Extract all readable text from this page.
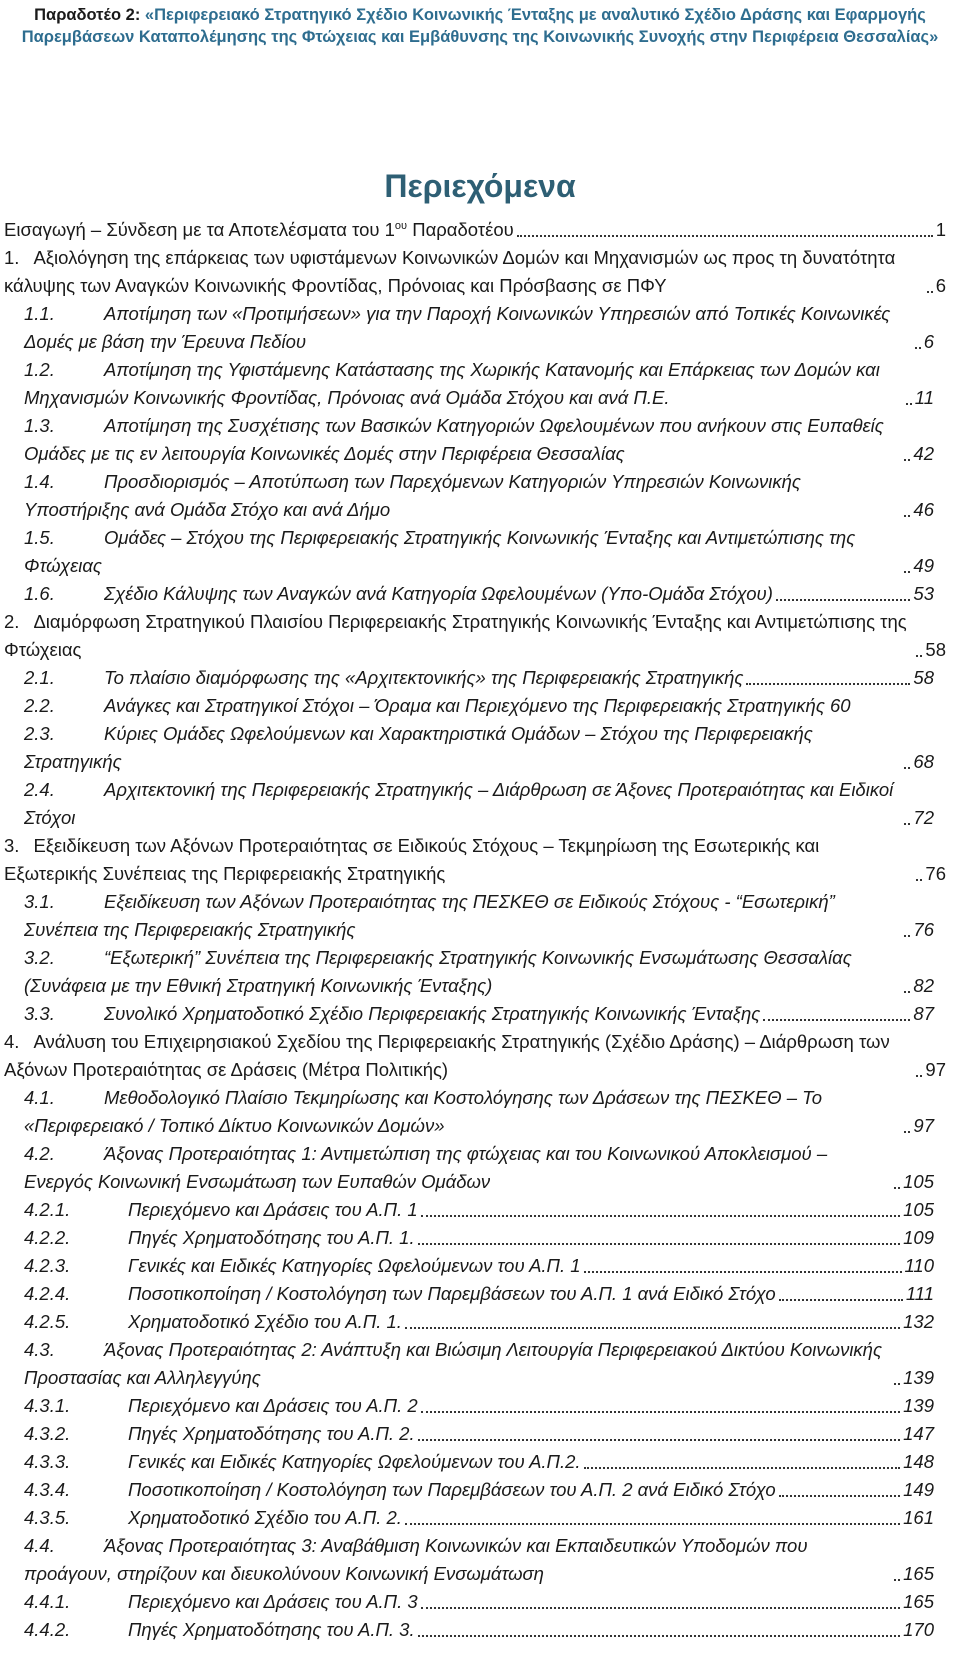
Παραδοτέο 2: «Περιφερειακό Στρατηγικό Σχέδιο Κοινωνικής Ένταξης με αναλυτικό Σχέδιο Δράσης και Εφαρμογής Παρεμβάσεων Καταπολέμησης της Φτώχειας και Εμβάθυνσης της Κοινωνικής Συνοχής στην Περιφέρεια Θεσσαλίας»
Περιεχόμενα
Εισαγωγή – Σύνδεση με τα Αποτελέσματα του $1^{o\upsilon}$ Παραδοτέου	1
1. Αξιολόγηση της επάρκειας των υφιστάμενων Κοινωνικών Δομών και Μηχανισμών ως προς τη δυνατότητα κάλυψης των Αναγκών Κοινωνικής Φροντίδας, Πρόνοιας και Πρόσβασης σε ΠΦΥ	6
1.1.	Αποτίμηση των «Προτιμήσεων» για την Παροχή Κοινωνικών Υπηρεσιών από Τοπικές Κοινωνικές Δομές με βάση την Έρευνα Πεδίου	6
1.2.	Αποτίμηση της Υφιστάμενης Κατάστασης της Χωρικής Κατανομής και Επάρκειας των Δομών και Μηχανισμών Κοινωνικής Φροντίδας, Πρόνοιας ανά Ομάδα Στόχου και ανά Π.Ε.	11
1.3.	Αποτίμηση της Συσχέτισης των Βασικών Κατηγοριών Ωφελουμένων που ανήκουν στις Ευπαθείς Ομάδες με τις εν λειτουργία Κοινωνικές Δομές στην Περιφέρεια Θεσσαλίας	42
1.4.	Προσδιορισμός – Αποτύπωση των Παρεχόμενων Κατηγοριών Υπηρεσιών Κοινωνικής Υποστήριξης ανά Ομάδα Στόχο και ανά Δήμο	46
1.5.	Ομάδες – Στόχου της Περιφερειακής Στρατηγικής Κοινωνικής Ένταξης και Αντιμετώπισης της Φτώχειας	49
1.6.	Σχέδιο Κάλυψης των Αναγκών ανά Κατηγορία Ωφελουμένων (Υπο-Ομάδα Στόχου)	53
2. Διαμόρφωση Στρατηγικού Πλαισίου Περιφερειακής Στρατηγικής Κοινωνικής Ένταξης και Αντιμετώπισης της Φτώχειας	58
2.1.	Το πλαίσιο διαμόρφωσης της «Αρχιτεκτονικής» της Περιφερειακής Στρατηγικής	58
2.2.	Ανάγκες και Στρατηγικοί Στόχοι – Όραμα και Περιεχόμενο της Περιφερειακής Στρατηγικής 60
2.3.	Κύριες Ομάδες Ωφελούμενων και Χαρακτηριστικά Ομάδων – Στόχου της Περιφερειακής Στρατηγικής	68
2.4.	Αρχιτεκτονική της Περιφερειακής Στρατηγικής – Διάρθρωση σε Άξονες Προτεραιότητας και Ειδικοί Στόχοι	72
3. Εξειδίκευση των Αξόνων Προτεραιότητας σε Ειδικούς Στόχους – Τεκμηρίωση της Εσωτερικής και Εξωτερικής Συνέπειας της Περιφερειακής Στρατηγικής	76
3.1.	Εξειδίκευση των Αξόνων Προτεραιότητας της ΠΕΣΚΕΘ σε Ειδικούς Στόχους - “Εσωτερική” Συνέπεια της Περιφερειακής Στρατηγικής	76
3.2.	“Εξωτερική” Συνέπεια της Περιφερειακής Στρατηγικής Κοινωνικής Ενσωμάτωσης Θεσσαλίας (Συνάφεια με την Εθνική Στρατηγική Κοινωνικής Ένταξης)	82
3.3.	Συνολικό Χρηματοδοτικό Σχέδιο Περιφερειακής Στρατηγικής Κοινωνικής Ένταξης	87
4. Ανάλυση του Επιχειρησιακού Σχεδίου της Περιφερειακής Στρατηγικής (Σχέδιο Δράσης) – Διάρθρωση των Αξόνων Προτεραιότητας σε Δράσεις (Μέτρα Πολιτικής)	97
4.1.	Μεθοδολογικό Πλαίσιο Τεκμηρίωσης και Κοστολόγησης των Δράσεων της ΠΕΣΚΕΘ – Το «Περιφερειακό / Τοπικό Δίκτυο Κοινωνικών Δομών»	97
4.2.	Άξονας Προτεραιότητας 1: Αντιμετώπιση της φτώχειας και του Κοινωνικού Αποκλεισμού – Ενεργός Κοινωνική Ενσωμάτωση των Ευπαθών Ομάδων	105
4.2.1.	Περιεχόμενο και Δράσεις του Α.Π. 1	105
4.2.2.	Πηγές Χρηματοδότησης του Α.Π. 1.	109
4.2.3.	Γενικές και Ειδικές Κατηγορίες Ωφελούμενων του Α.Π. 1	110
4.2.4.	Ποσοτικοποίηση / Κοστολόγηση των Παρεμβάσεων του Α.Π. 1 ανά Ειδικό Στόχο	111
4.2.5.	Χρηματοδοτικό Σχέδιο του Α.Π. 1.	132
4.3.	Άξονας Προτεραιότητας 2: Ανάπτυξη και Βιώσιμη Λειτουργία Περιφερειακού Δικτύου Κοινωνικής Προστασίας και Αλληλεγγύης	139
4.3.1.	Περιεχόμενο και Δράσεις του Α.Π. 2	139
4.3.2.	Πηγές Χρηματοδότησης του Α.Π. 2.	147
4.3.3.	Γενικές και Ειδικές Κατηγορίες Ωφελούμενων του Α.Π.2.	148
4.3.4.	Ποσοτικοποίηση / Κοστολόγηση των Παρεμβάσεων του Α.Π. 2 ανά Ειδικό Στόχο	149
4.3.5.	Χρηματοδοτικό Σχέδιο του Α.Π. 2.	161
4.4.	Άξονας Προτεραιότητας 3: Αναβάθμιση Κοινωνικών και Εκπαιδευτικών Υποδομών που προάγουν, στηρίζουν και διευκολύνουν Κοινωνική Ενσωμάτωση	165
4.4.1.	Περιεχόμενο και Δράσεις του Α.Π. 3	165
4.4.2.	Πηγές Χρηματοδότησης του Α.Π. 3.	170
